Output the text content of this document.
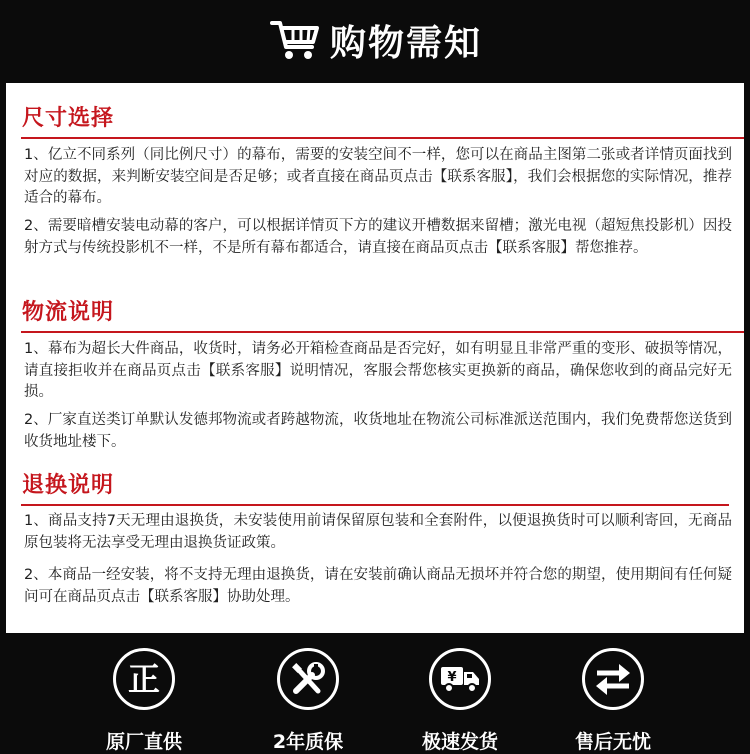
购物需知
尺寸选择
1、亿立不同系列（同比例尺寸）的幕布，需要的安装空间不一样，您可以在商品主图第二张或者详情页面找到对应的数据，来判断安装空间是否足够；或者直接在商品页点击【联系客服】，我们会根据您的实际情况，推荐适合的幕布。
2、需要暗槽安装电动幕的客户，可以根据详情页下方的建议开槽数据来留槽；激光电视（超短焦投影机）因投射方式与传统投影机不一样，不是所有幕布都适合，请直接在商品页点击【联系客服】帮您推荐。
物流说明
1、幕布为超长大件商品，收货时，请务必开箱检查商品是否完好，如有明显且非常严重的变形、破损等情况，请直接拒收并在商品页点击【联系客服】说明情况，客服会帮您核实更换新的商品，确保您收到的商品完好无损。
2、厂家直送类订单默认发德邦物流或者跨越物流，收货地址在物流公司标准派送范围内，我们免费帮您送货到收货地址楼下。
退换说明
1、商品支持7天无理由退换货，未安装使用前请保留原包装和全套附件，以便退换货时可以顺利寄回，无商品原包装将无法享受无理由退换货证政策。
2、本商品一经安装，将不支持无理由退换货，请在安装前确认商品无损坏并符合您的期望，使用期间有任何疑问可在商品页点击【联系客服】协助处理。
正
原厂直供	2年质保
¥
极速发货	售后无忧
